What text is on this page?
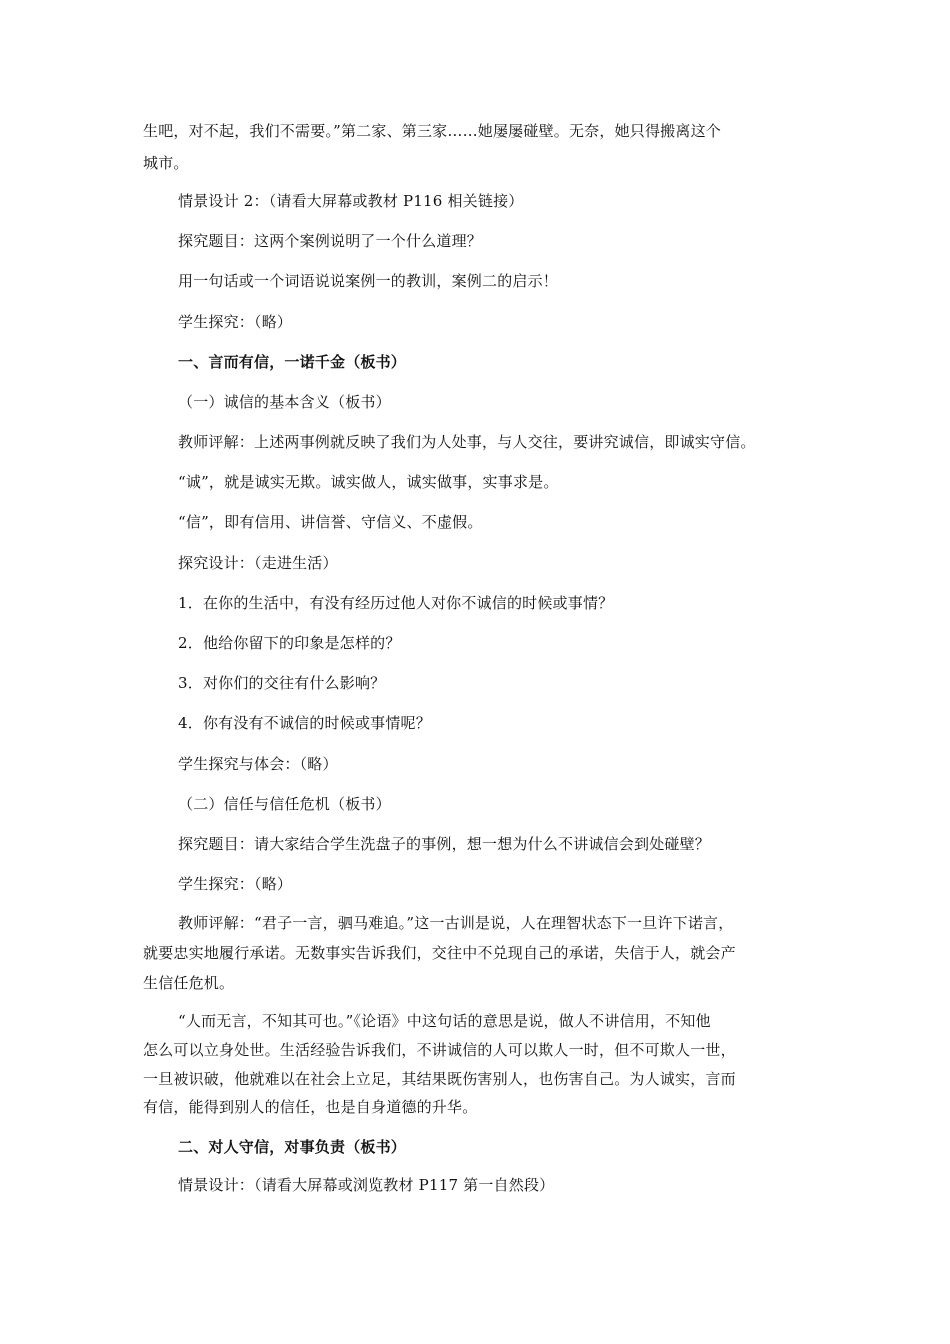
生吧，对不起，我们不需要。”第二家、第三家……她屡屡碰壁。无奈，她只得搬离这个
城市。
情景设计 2：（请看大屏幕或教材 P116 相关链接）
探究题目：这两个案例说明了一个什么道理？
用一句话或一个词语说说案例一的教训，案例二的启示！
学生探究：（略）
一、言而有信，一诺千金（板书）
（一）诚信的基本含义（板书）
教师评解：上述两事例就反映了我们为人处事，与人交往，要讲究诚信，即诚实守信。
“诚”，就是诚实无欺。诚实做人，诚实做事，实事求是。
“信”，即有信用、讲信誉、守信义、不虚假。
探究设计：（走进生活）
1．在你的生活中，有没有经历过他人对你不诚信的时候或事情？
2．他给你留下的印象是怎样的？
3．对你们的交往有什么影响？
4．你有没有不诚信的时候或事情呢？
学生探究与体会：（略）
（二）信任与信任危机（板书）
探究题目：请大家结合学生洗盘子的事例，想一想为什么不讲诚信会到处碰壁？
学生探究：（略）
教师评解：“君子一言，驷马难追。”这一古训是说，人在理智状态下一旦许下诺言，
就要忠实地履行承诺。无数事实告诉我们，交往中不兑现自己的承诺，失信于人，就会产
生信任危机。
“人而无言，不知其可也。”《论语》中这句话的意思是说，做人不讲信用，不知他
怎么可以立身处世。生活经验告诉我们，不讲诚信的人可以欺人一时，但不可欺人一世，
一旦被识破，他就难以在社会上立足，其结果既伤害别人，也伤害自己。为人诚实，言而
有信，能得到别人的信任，也是自身道德的升华。
二、对人守信，对事负责（板书）
情景设计：（请看大屏幕或浏览教材 P117 第一自然段）
